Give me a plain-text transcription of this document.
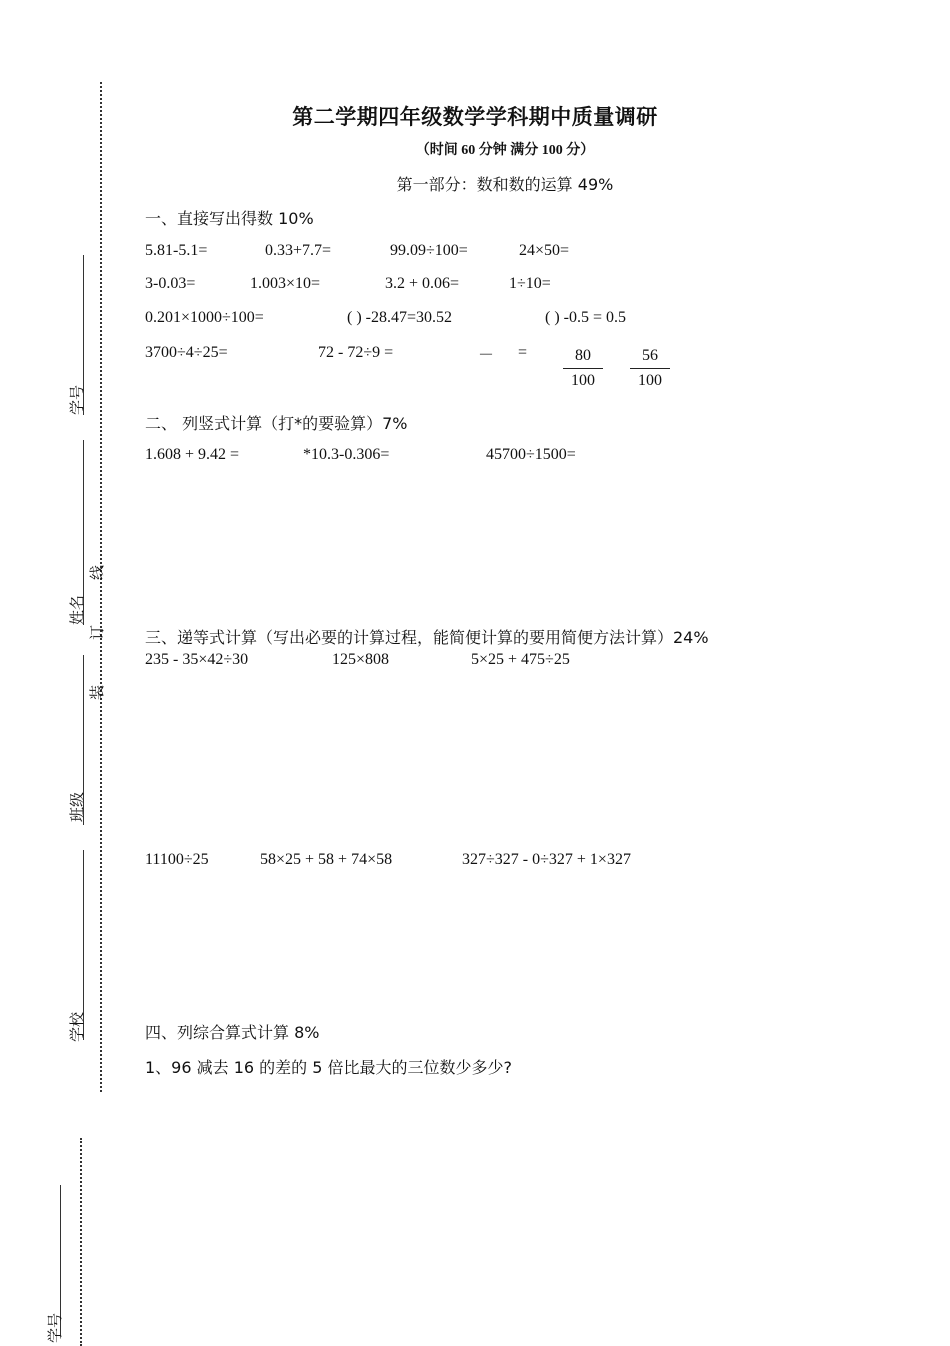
学号
姓名
班级
学校
线
订
装
学号
第二学期四年级数学学科期中质量调研
（时间 60 分钟 满分 100 分）
第一部分：数和数的运算 49%
一、直接写出得数 10%
5.81-5.1=	0.33+7.7=	99.09÷100=	24×50=
3-0.03=	1.003×10=	3.2 + 0.06=	1÷10=
0.201×1000÷100=	( ) -28.47=30.52	( ) -0.5 = 0.5
3700÷4÷25=	72 - 72÷9 =	－ = $\frac{80}{100} \frac{56}{100}$
二、 列竖式计算（打*的要验算）7%
1.608 + 9.42 =	*10.3-0.306=	45700÷1500=
三、递等式计算（写出必要的计算过程，能简便计算的要用简便方法计算）24%
235 - 35×42÷30	125×808	5×25 + 475÷25
11100÷25	58×25 + 58 + 74×58	327÷327 - 0÷327 + 1×327
四、列综合算式计算 8%
1、96 减去 16 的差的 5 倍比最大的三位数少多少?
